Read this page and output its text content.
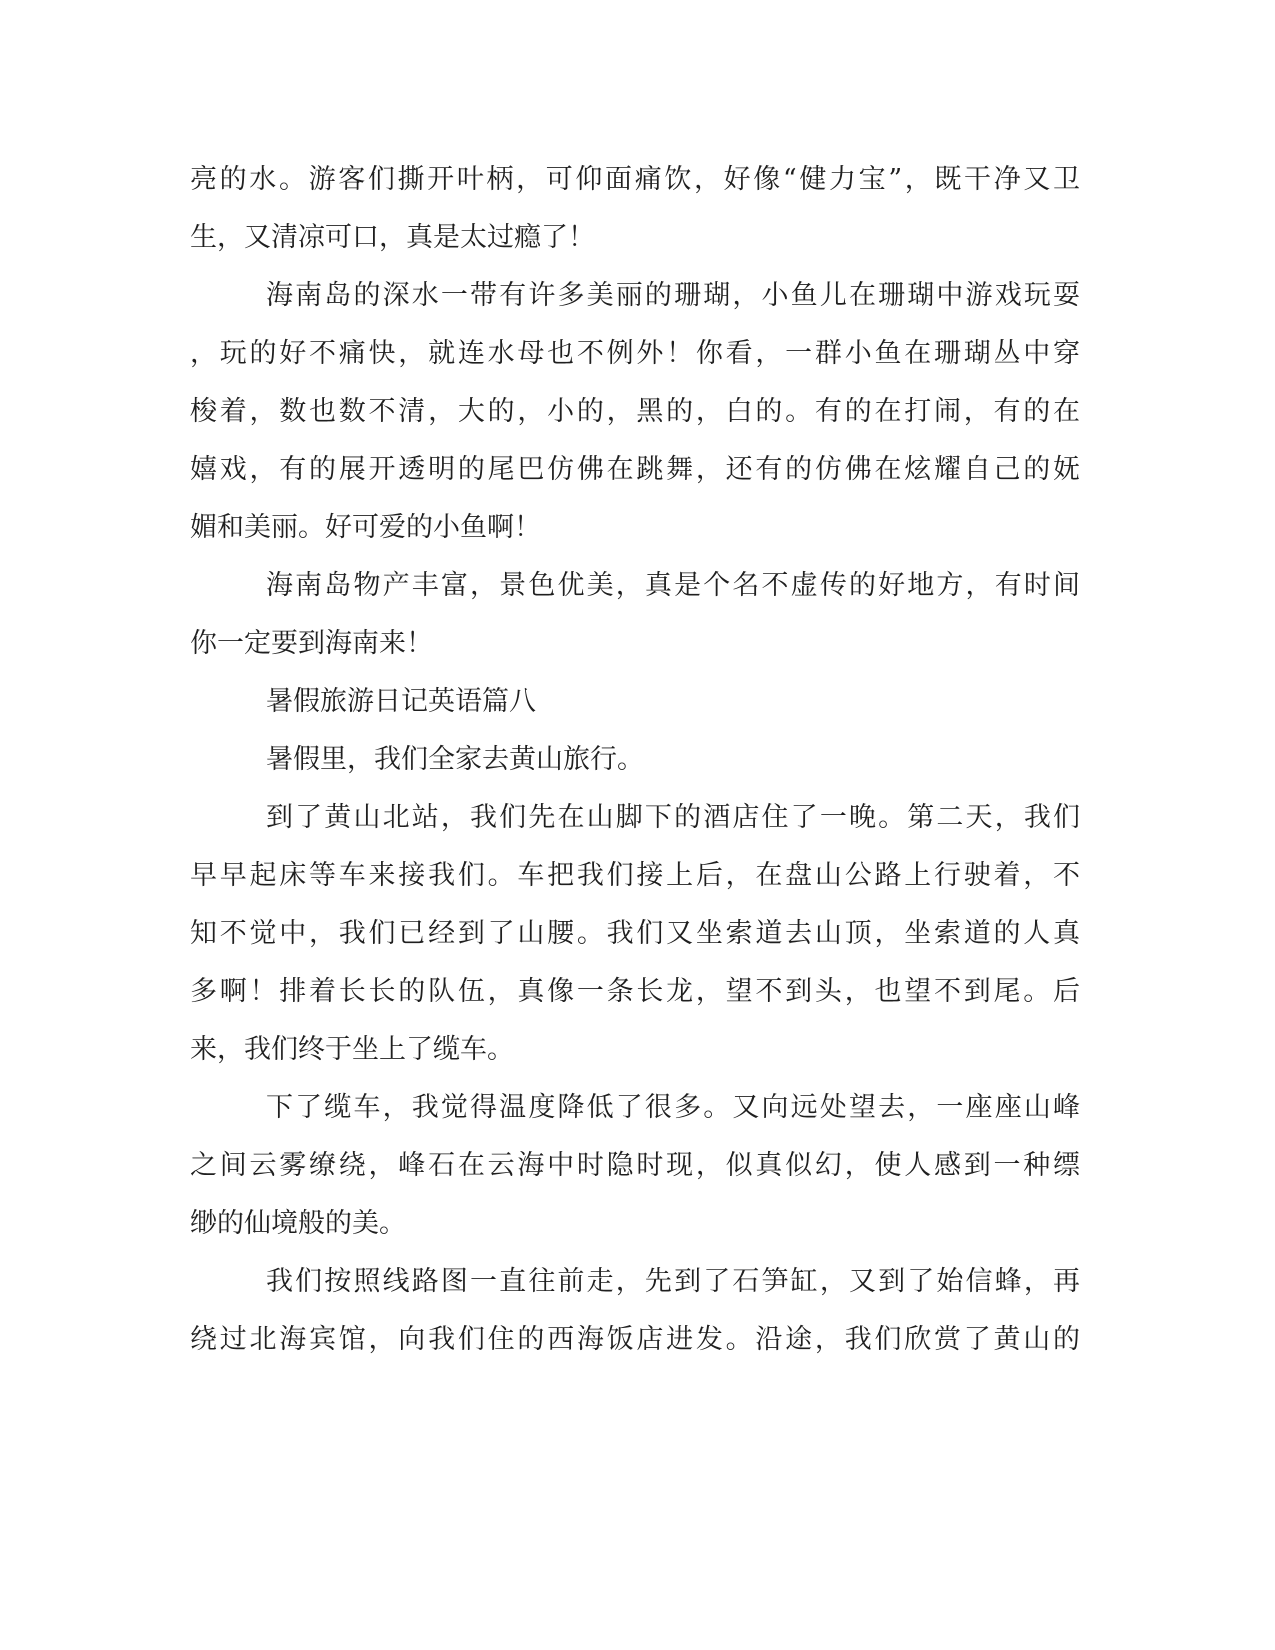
亮的水。游客们撕开叶柄，可仰面痛饮，好像“健力宝”，既干净又卫
生，又清凉可口，真是太过瘾了！
海南岛的深水一带有许多美丽的珊瑚，小鱼儿在珊瑚中游戏玩耍
，玩的好不痛快，就连水母也不例外！你看，一群小鱼在珊瑚丛中穿
梭着，数也数不清，大的，小的，黑的，白的。有的在打闹，有的在
嬉戏，有的展开透明的尾巴仿佛在跳舞，还有的仿佛在炫耀自己的妩
媚和美丽。好可爱的小鱼啊！
海南岛物产丰富，景色优美，真是个名不虚传的好地方，有时间
你一定要到海南来！
暑假旅游日记英语篇八
暑假里，我们全家去黄山旅行。
到了黄山北站，我们先在山脚下的酒店住了一晚。第二天，我们
早早起床等车来接我们。车把我们接上后，在盘山公路上行驶着，不
知不觉中，我们已经到了山腰。我们又坐索道去山顶，坐索道的人真
多啊！排着长长的队伍，真像一条长龙，望不到头，也望不到尾。后
来，我们终于坐上了缆车。
下了缆车，我觉得温度降低了很多。又向远处望去，一座座山峰
之间云雾缭绕，峰石在云海中时隐时现，似真似幻，使人感到一种缥
缈的仙境般的美。
我们按照线路图一直往前走，先到了石笋缸，又到了始信蜂，再
绕过北海宾馆，向我们住的西海饭店进发。沿途，我们欣赏了黄山的
